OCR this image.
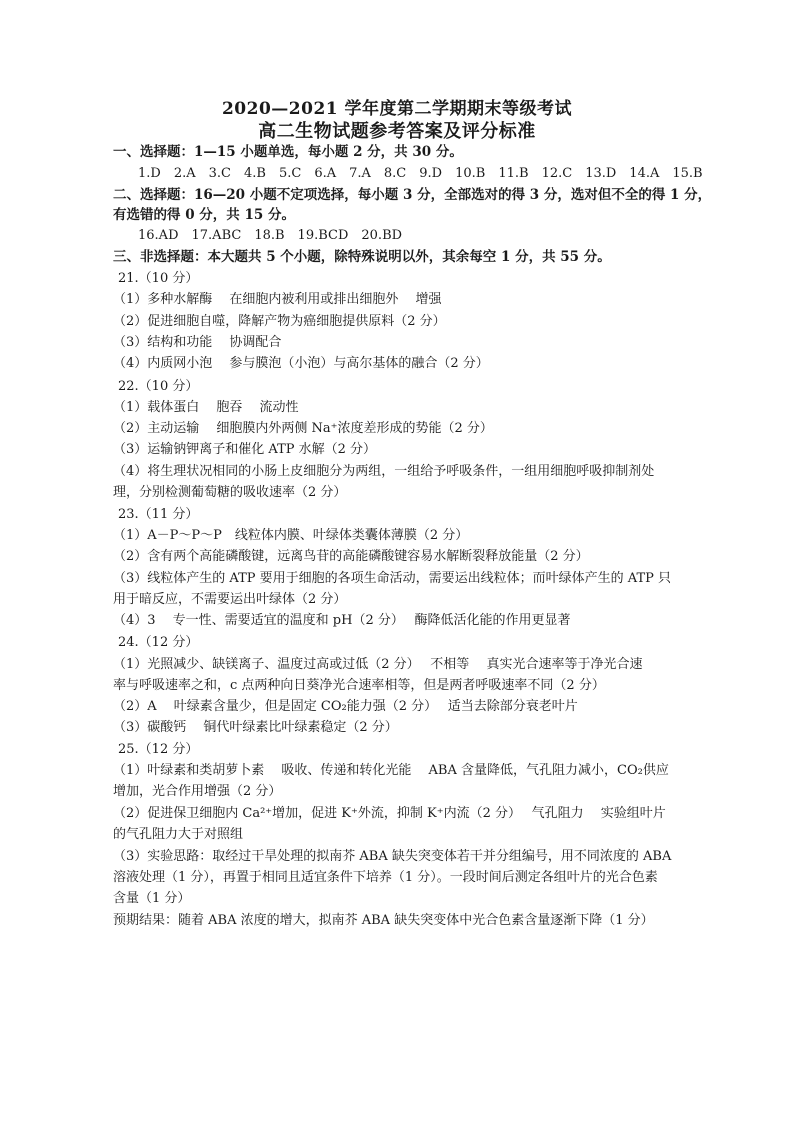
2020—2021 学年度第二学期期末等级考试
高二生物试题参考答案及评分标准
一、选择题：1—15 小题单选，每小题 2 分，共 30 分。
1.D 2.A 3.C 4.B 5.C 6.A 7.A 8.C 9.D 10.B 11.B 12.C 13.D 14.A 15.B
二、选择题：16—20 小题不定项选择，每小题 3 分，全部选对的得 3 分，选对但不全的得 1 分，
有选错的得 0 分，共 15 分。
16.AD 17.ABC 18.B 19.BCD 20.BD
三、非选择题：本大题共 5 个小题，除特殊说明以外，其余每空 1 分，共 55 分。
21.（10 分）
（1）多种水解酶　 在细胞内被利用或排出细胞外　 增强
（2）促进细胞自噬，降解产物为癌细胞提供原料（2 分）
（3）结构和功能　 协调配合
（4）内质网小泡　 参与膜泡（小泡）与高尔基体的融合（2 分）
22.（10 分）
（1）载体蛋白　 胞吞　 流动性
（2）主动运输　 细胞膜内外两侧 Na⁺浓度差形成的势能（2 分）
（3）运输钠钾离子和催化 ATP 水解（2 分）
（4）将生理状况相同的小肠上皮细胞分为两组，一组给予呼吸条件，一组用细胞呼吸抑制剂处
理，分别检测葡萄糖的吸收速率（2 分）
23.（11 分）
（1）A－P～P～P　线粒体内膜、叶绿体类囊体薄膜（2 分）
（2）含有两个高能磷酸键，远离鸟苷的高能磷酸键容易水解断裂释放能量（2 分）
（3）线粒体产生的 ATP 要用于细胞的各项生命活动，需要运出线粒体；而叶绿体产生的 ATP 只
用于暗反应，不需要运出叶绿体（2 分）
（4）3　 专一性、需要适宜的温度和 pH（2 分）　 酶降低活化能的作用更显著
24.（12 分）
（1）光照减少、缺镁离子、温度过高或过低（2 分）　 不相等　 真实光合速率等于净光合速
率与呼吸速率之和，c 点两种向日葵净光合速率相等，但是两者呼吸速率不同（2 分）
（2）A　 叶绿素含量少，但是固定 CO₂能力强（2 分）　 适当去除部分衰老叶片
（3）碳酸钙　 铜代叶绿素比叶绿素稳定（2 分）
25.（12 分）
（1）叶绿素和类胡萝卜素　 吸收、传递和转化光能　 ABA 含量降低，气孔阻力减小，CO₂供应
增加，光合作用增强（2 分）
（2）促进保卫细胞内 Ca²⁺增加，促进 K⁺外流，抑制 K⁺内流（2 分）　 气孔阻力　 实验组叶片
的气孔阻力大于对照组
（3）实验思路：取经过干旱处理的拟南芥 ABA 缺失突变体若干并分组编号，用不同浓度的 ABA
溶液处理（1 分），再置于相同且适宜条件下培养（1 分）。一段时间后测定各组叶片的光合色素
含量（1 分）
预期结果：随着 ABA 浓度的增大，拟南芥 ABA 缺失突变体中光合色素含量逐渐下降（1 分）
